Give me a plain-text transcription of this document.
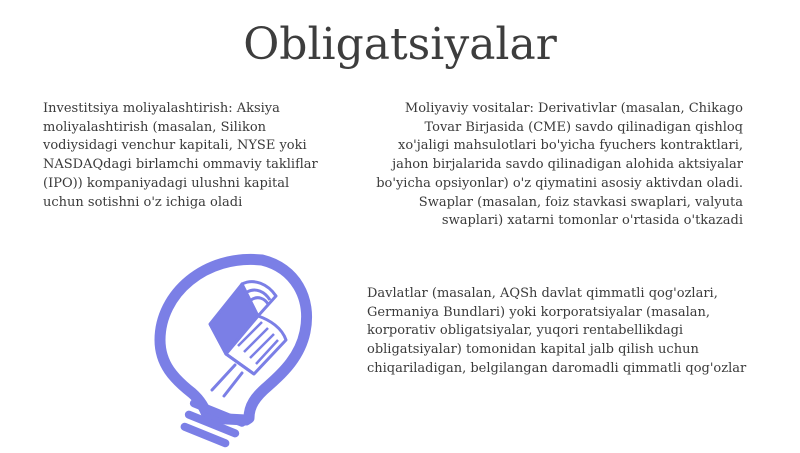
Obligatsiyalar
Investitsiya moliyalashtirish: Aksiya moliyalashtirish (masalan, Silikon vodiysidagi venchur kapitali, NYSE yoki NASDAQdagi birlamchi ommaviy takliflar (IPO)) kompaniyadagi ulushni kapital uchun sotishni o'z ichiga oladi
Moliyaviy vositalar: Derivativlar (masalan, Chikago Tovar Birjasida (CME) savdo qilinadigan qishloq xo'jaligi mahsulotlari bo'yicha fyuchers kontraktlari, jahon birjalarida savdo qilinadigan alohida aktsiyalar bo'yicha opsiyonlar) o'z qiymatini asosiy aktivdan oladi. Swaplar (masalan, foiz stavkasi swaplari, valyuta swaplari) xatarni tomonlar o'rtasida o'tkazadi
Davlatlar (masalan, AQSh davlat qimmatli qog'ozlari, Germaniya Bundlari) yoki korporatsiyalar (masalan, korporativ obligatsiyalar, yuqori rentabellikdagi obligatsiyalar) tomonidan kapital jalb qilish uchun chiqariladigan, belgilangan daromadli qimmatli qog'ozlar
